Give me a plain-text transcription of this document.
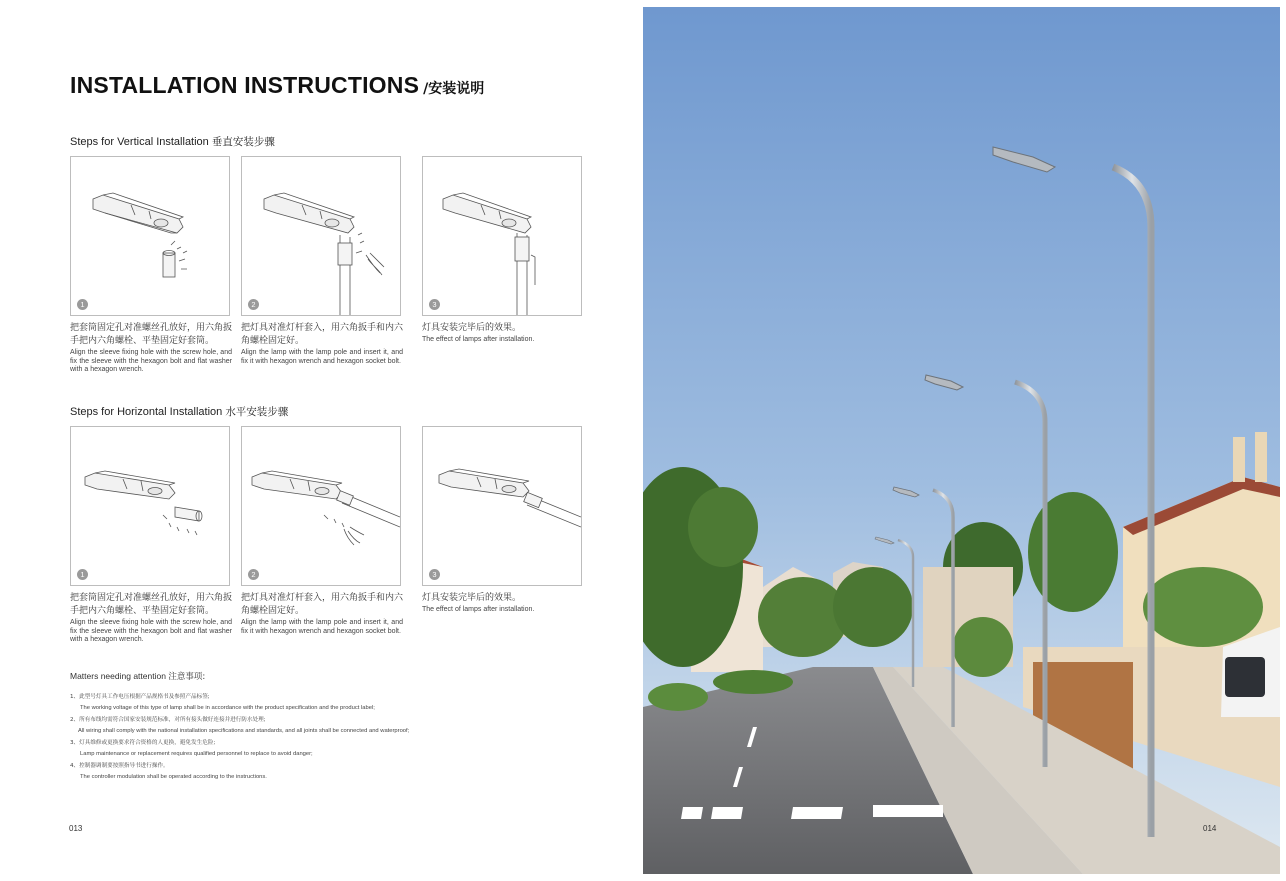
INSTALLATION INSTRUCTIONS /安装说明
Steps for Vertical Installation 垂直安装步骤
1
把套筒固定孔对准螺丝孔放好，用六角扳手把内六角螺栓、平垫固定好套筒。
Align the sleeve fixing hole with the screw hole, and fix the sleeve with the hexagon bolt and flat washer with a hexagon wrench.
2
把灯具对准灯杆套入，用六角扳手和内六角螺栓固定好。
Align the lamp with the lamp pole and insert it, and fix it with hexagon wrench and hexagon socket bolt.
3
灯具安装完毕后的效果。
The effect of lamps after installation.
Steps for Horizontal Installation 水平安装步骤
1
把套筒固定孔对准螺丝孔放好，用六角扳手把内六角螺栓、平垫固定好套筒。
Align the sleeve fixing hole with the screw hole, and fix the sleeve with the hexagon bolt and flat washer with a hexagon wrench.
2
把灯具对准灯杆套入，用六角扳手和内六角螺栓固定好。
Align the lamp with the lamp pole and insert it, and fix it with hexagon wrench and hexagon socket bolt.
3
灯具安装完毕后的效果。
The effect of lamps after installation.
Matters needing attention 注意事项:
1、此型号灯具工作电压根据产品规格书及参照产品标签;
The working voltage of this type of lamp shall be in accordance with the product specification and the product label;
2、所有布线均需符合国家安装规范标准，对所有接头做好连接并进行防水处理;
All wiring shall comply with the national installation specifications and standards, and all joints shall be connected and waterproof;
3、灯具维修或更换要求符合资格的人更换，避免发生危险;
Lamp maintenance or replacement requires qualified personnel to replace to avoid danger;
4、控制器调制要按照指导书进行操作。
The controller modulation shall be operated according to the instructions.
013	014
